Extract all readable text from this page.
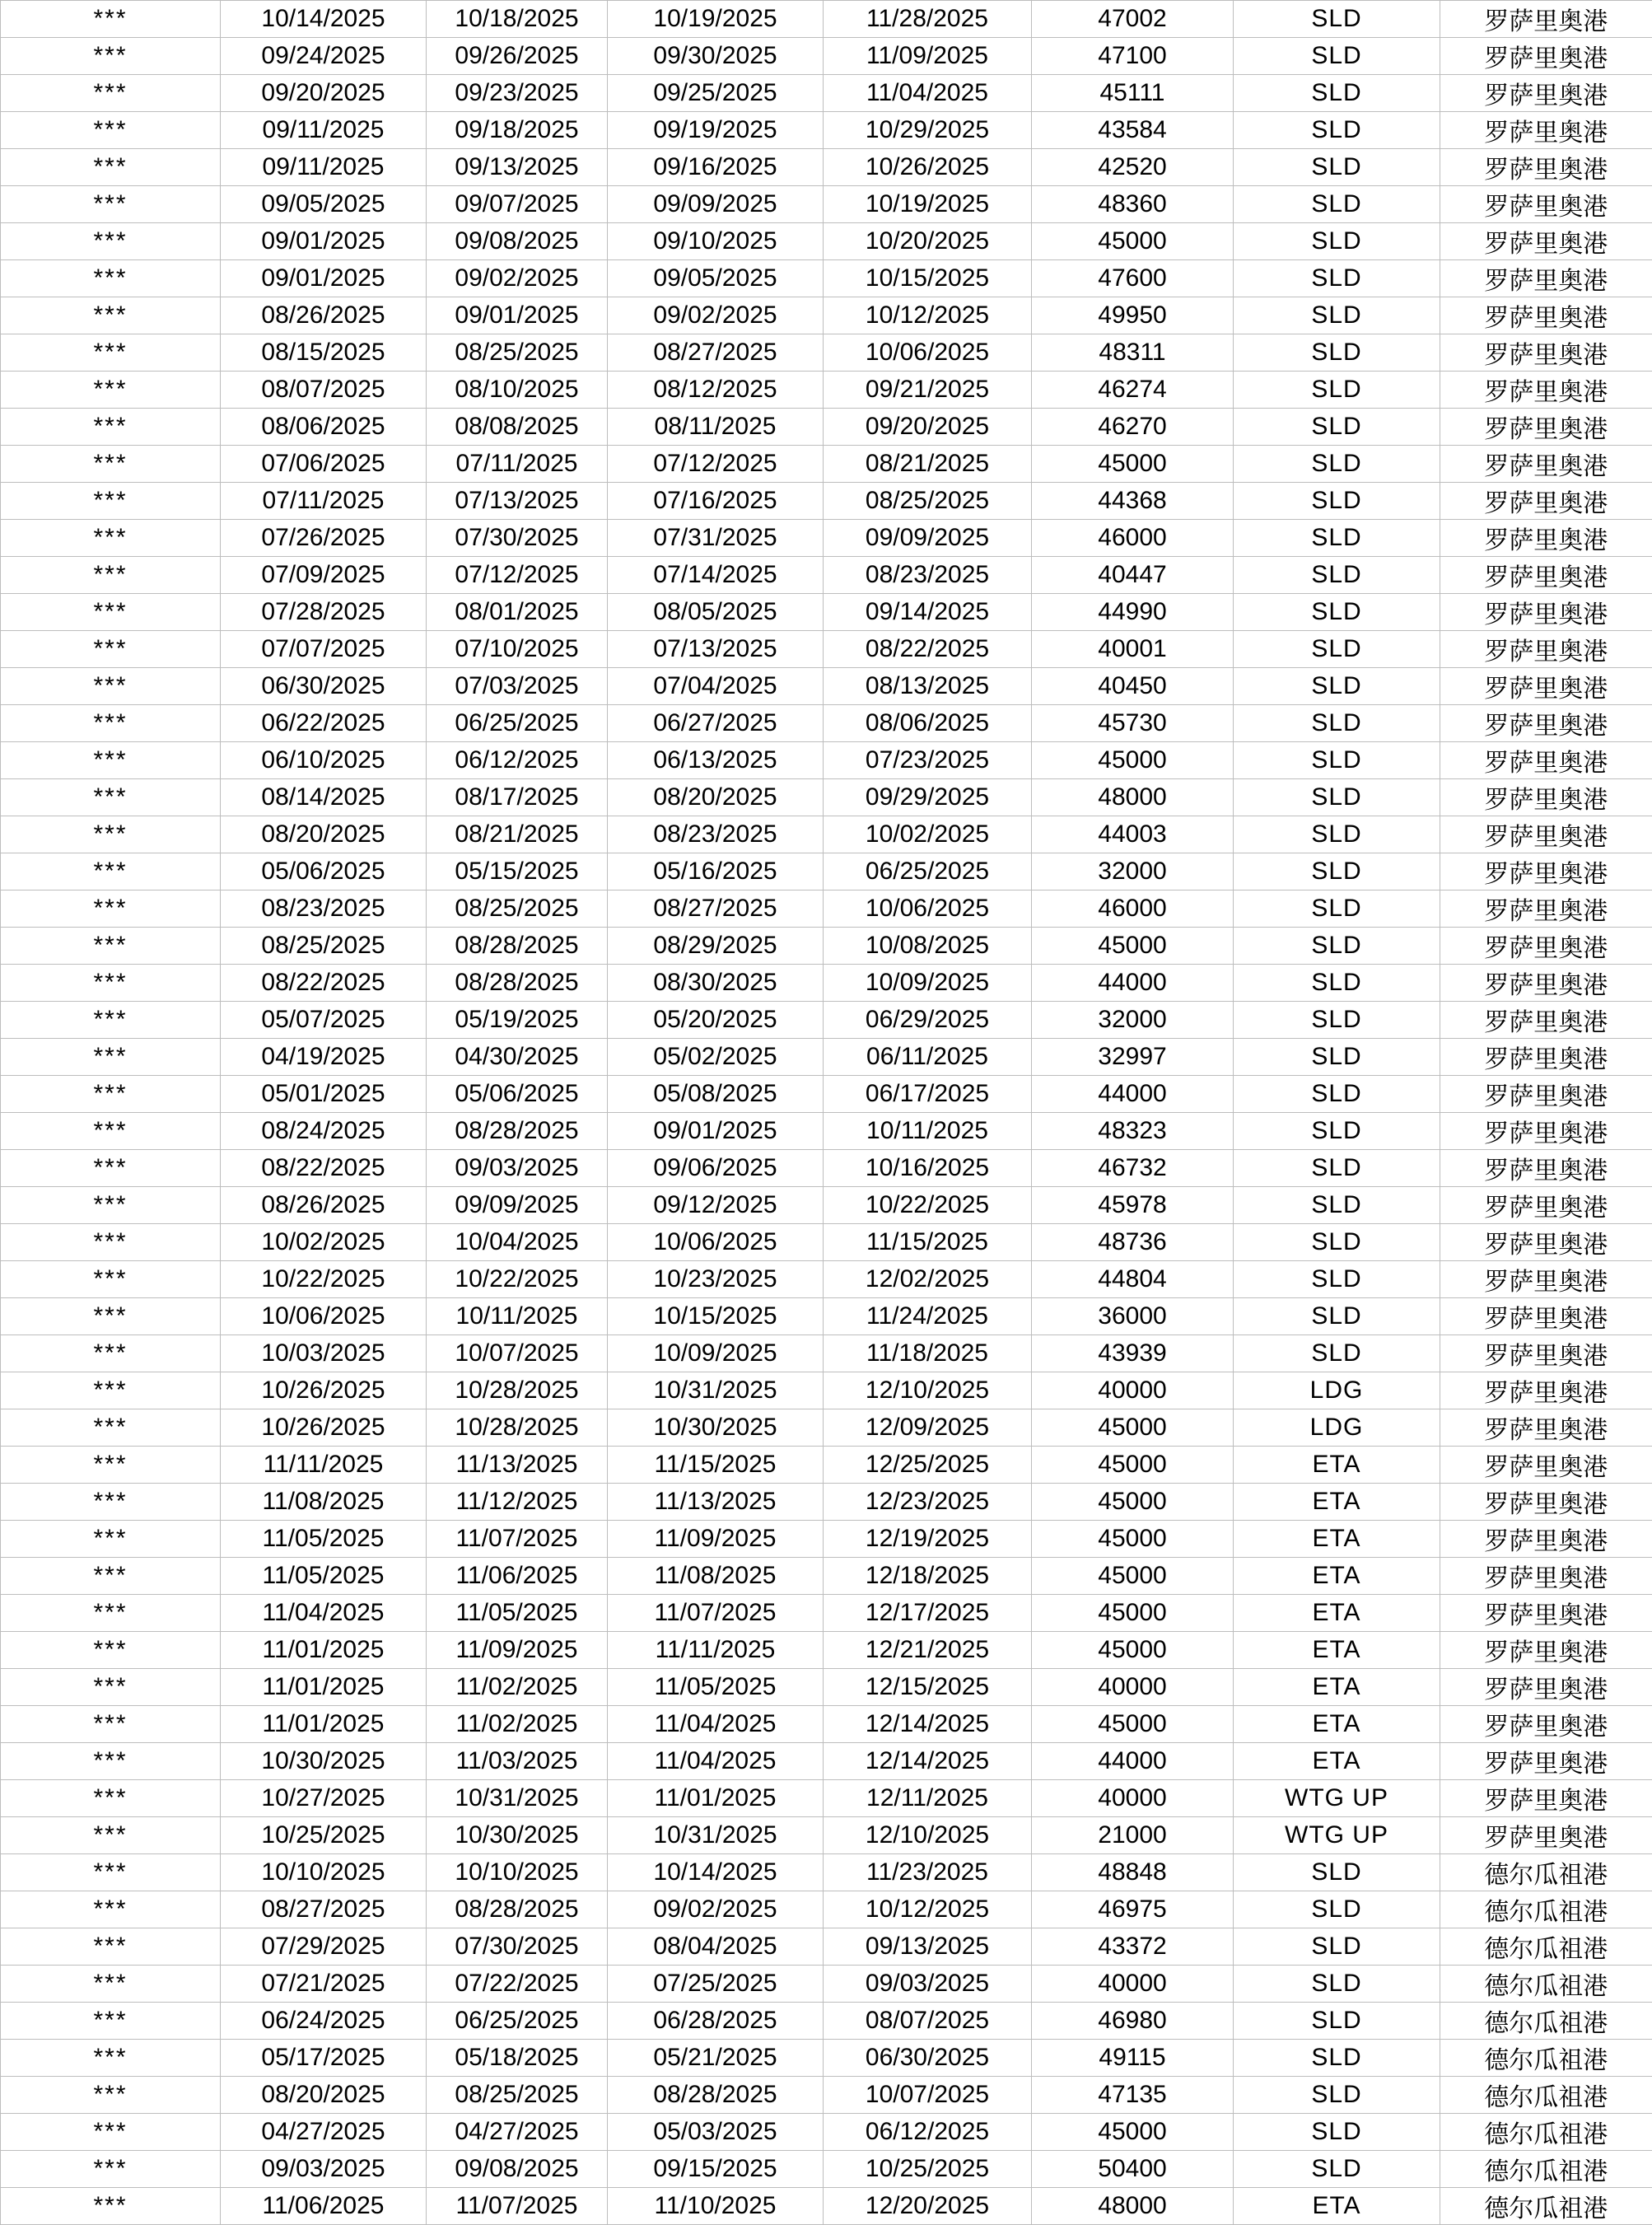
***	10/14/2025	10/18/2025	10/19/2025	11/28/2025	47002	SLD	罗萨里奥港
***	09/24/2025	09/26/2025	09/30/2025	11/09/2025	47100	SLD	罗萨里奥港
***	09/20/2025	09/23/2025	09/25/2025	11/04/2025	45111	SLD	罗萨里奥港
***	09/11/2025	09/18/2025	09/19/2025	10/29/2025	43584	SLD	罗萨里奥港
***	09/11/2025	09/13/2025	09/16/2025	10/26/2025	42520	SLD	罗萨里奥港
***	09/05/2025	09/07/2025	09/09/2025	10/19/2025	48360	SLD	罗萨里奥港
***	09/01/2025	09/08/2025	09/10/2025	10/20/2025	45000	SLD	罗萨里奥港
***	09/01/2025	09/02/2025	09/05/2025	10/15/2025	47600	SLD	罗萨里奥港
***	08/26/2025	09/01/2025	09/02/2025	10/12/2025	49950	SLD	罗萨里奥港
***	08/15/2025	08/25/2025	08/27/2025	10/06/2025	48311	SLD	罗萨里奥港
***	08/07/2025	08/10/2025	08/12/2025	09/21/2025	46274	SLD	罗萨里奥港
***	08/06/2025	08/08/2025	08/11/2025	09/20/2025	46270	SLD	罗萨里奥港
***	07/06/2025	07/11/2025	07/12/2025	08/21/2025	45000	SLD	罗萨里奥港
***	07/11/2025	07/13/2025	07/16/2025	08/25/2025	44368	SLD	罗萨里奥港
***	07/26/2025	07/30/2025	07/31/2025	09/09/2025	46000	SLD	罗萨里奥港
***	07/09/2025	07/12/2025	07/14/2025	08/23/2025	40447	SLD	罗萨里奥港
***	07/28/2025	08/01/2025	08/05/2025	09/14/2025	44990	SLD	罗萨里奥港
***	07/07/2025	07/10/2025	07/13/2025	08/22/2025	40001	SLD	罗萨里奥港
***	06/30/2025	07/03/2025	07/04/2025	08/13/2025	40450	SLD	罗萨里奥港
***	06/22/2025	06/25/2025	06/27/2025	08/06/2025	45730	SLD	罗萨里奥港
***	06/10/2025	06/12/2025	06/13/2025	07/23/2025	45000	SLD	罗萨里奥港
***	08/14/2025	08/17/2025	08/20/2025	09/29/2025	48000	SLD	罗萨里奥港
***	08/20/2025	08/21/2025	08/23/2025	10/02/2025	44003	SLD	罗萨里奥港
***	05/06/2025	05/15/2025	05/16/2025	06/25/2025	32000	SLD	罗萨里奥港
***	08/23/2025	08/25/2025	08/27/2025	10/06/2025	46000	SLD	罗萨里奥港
***	08/25/2025	08/28/2025	08/29/2025	10/08/2025	45000	SLD	罗萨里奥港
***	08/22/2025	08/28/2025	08/30/2025	10/09/2025	44000	SLD	罗萨里奥港
***	05/07/2025	05/19/2025	05/20/2025	06/29/2025	32000	SLD	罗萨里奥港
***	04/19/2025	04/30/2025	05/02/2025	06/11/2025	32997	SLD	罗萨里奥港
***	05/01/2025	05/06/2025	05/08/2025	06/17/2025	44000	SLD	罗萨里奥港
***	08/24/2025	08/28/2025	09/01/2025	10/11/2025	48323	SLD	罗萨里奥港
***	08/22/2025	09/03/2025	09/06/2025	10/16/2025	46732	SLD	罗萨里奥港
***	08/26/2025	09/09/2025	09/12/2025	10/22/2025	45978	SLD	罗萨里奥港
***	10/02/2025	10/04/2025	10/06/2025	11/15/2025	48736	SLD	罗萨里奥港
***	10/22/2025	10/22/2025	10/23/2025	12/02/2025	44804	SLD	罗萨里奥港
***	10/06/2025	10/11/2025	10/15/2025	11/24/2025	36000	SLD	罗萨里奥港
***	10/03/2025	10/07/2025	10/09/2025	11/18/2025	43939	SLD	罗萨里奥港
***	10/26/2025	10/28/2025	10/31/2025	12/10/2025	40000	LDG	罗萨里奥港
***	10/26/2025	10/28/2025	10/30/2025	12/09/2025	45000	LDG	罗萨里奥港
***	11/11/2025	11/13/2025	11/15/2025	12/25/2025	45000	ETA	罗萨里奥港
***	11/08/2025	11/12/2025	11/13/2025	12/23/2025	45000	ETA	罗萨里奥港
***	11/05/2025	11/07/2025	11/09/2025	12/19/2025	45000	ETA	罗萨里奥港
***	11/05/2025	11/06/2025	11/08/2025	12/18/2025	45000	ETA	罗萨里奥港
***	11/04/2025	11/05/2025	11/07/2025	12/17/2025	45000	ETA	罗萨里奥港
***	11/01/2025	11/09/2025	11/11/2025	12/21/2025	45000	ETA	罗萨里奥港
***	11/01/2025	11/02/2025	11/05/2025	12/15/2025	40000	ETA	罗萨里奥港
***	11/01/2025	11/02/2025	11/04/2025	12/14/2025	45000	ETA	罗萨里奥港
***	10/30/2025	11/03/2025	11/04/2025	12/14/2025	44000	ETA	罗萨里奥港
***	10/27/2025	10/31/2025	11/01/2025	12/11/2025	40000	WTG UP	罗萨里奥港
***	10/25/2025	10/30/2025	10/31/2025	12/10/2025	21000	WTG UP	罗萨里奥港
***	10/10/2025	10/10/2025	10/14/2025	11/23/2025	48848	SLD	德尔瓜祖港
***	08/27/2025	08/28/2025	09/02/2025	10/12/2025	46975	SLD	德尔瓜祖港
***	07/29/2025	07/30/2025	08/04/2025	09/13/2025	43372	SLD	德尔瓜祖港
***	07/21/2025	07/22/2025	07/25/2025	09/03/2025	40000	SLD	德尔瓜祖港
***	06/24/2025	06/25/2025	06/28/2025	08/07/2025	46980	SLD	德尔瓜祖港
***	05/17/2025	05/18/2025	05/21/2025	06/30/2025	49115	SLD	德尔瓜祖港
***	08/20/2025	08/25/2025	08/28/2025	10/07/2025	47135	SLD	德尔瓜祖港
***	04/27/2025	04/27/2025	05/03/2025	06/12/2025	45000	SLD	德尔瓜祖港
***	09/03/2025	09/08/2025	09/15/2025	10/25/2025	50400	SLD	德尔瓜祖港
***	11/06/2025	11/07/2025	11/10/2025	12/20/2025	48000	ETA	德尔瓜祖港
